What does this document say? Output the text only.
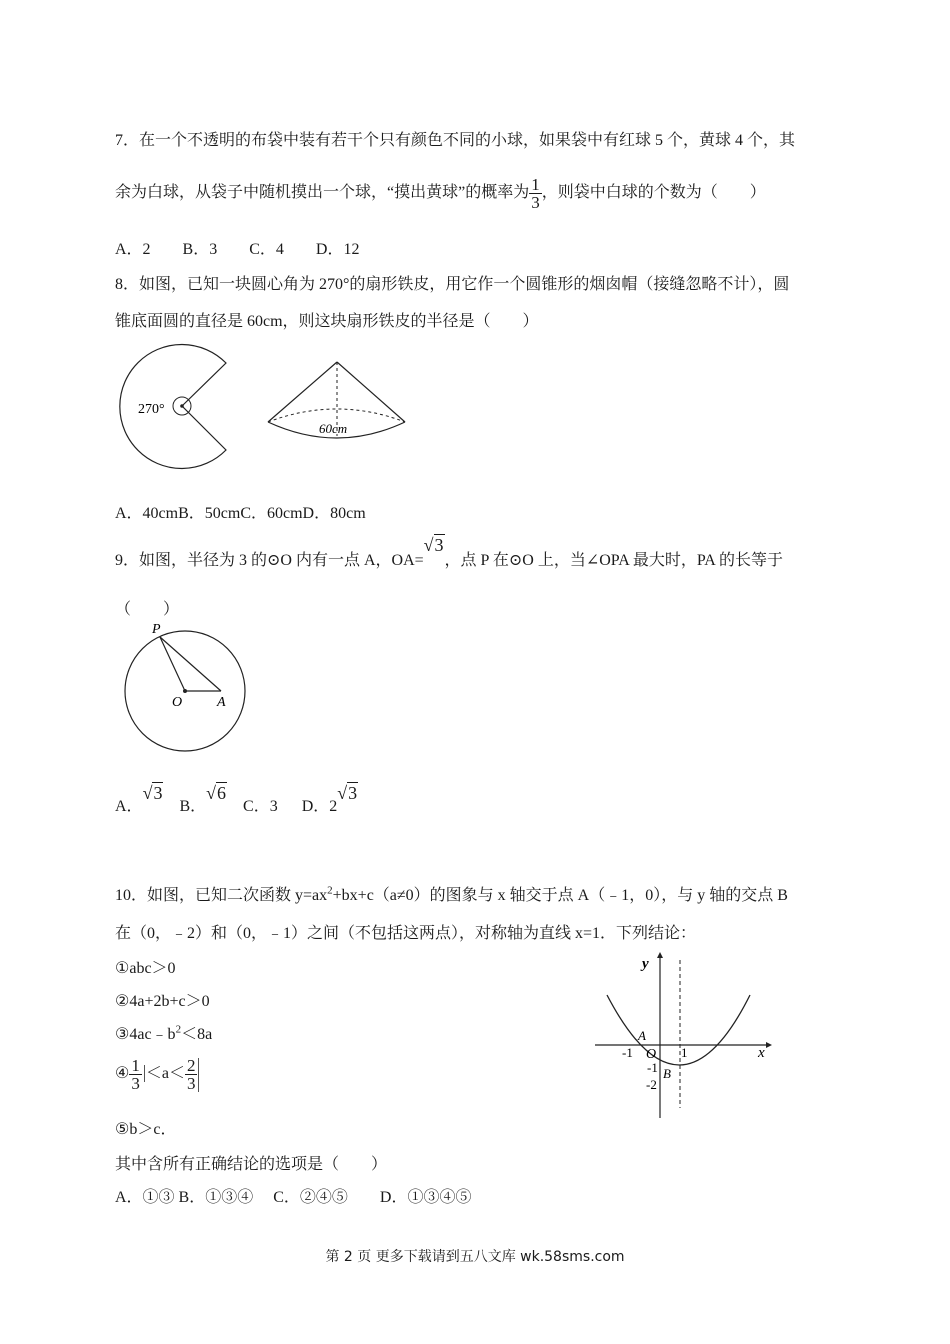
7．在一个不透明的布袋中装有若干个只有颜色不同的小球，如果袋中有红球 5 个，黄球 4 个，其
余为白球，从袋子中随机摸出一个球，“摸出黄球”的概率为 $\frac{1}{3}$ ，则袋中白球的个数为（　　）
A．2　　B．3　　C．4　　D．12
8．如图，已知一块圆心角为 270°的扇形铁皮，用它作一个圆锥形的烟囱帽（接缝忽略不计），圆
锥底面圆的直径是 60cm，则这块扇形铁皮的半径是（　　）
270°
60cm
A．40cmB．50cmC．60cmD．80cm
9．如图，半径为 3 的⊙O 内有一点 A，OA=√3，点 P 在⊙O 上，当∠OPA 最大时，PA 的长等于
（　　）
P
O A
A．√3B．√6C．3 D．2√3
10．如图，已知二次函数 $y=ax^2+bx+c(a\ne 0)$的图象与 x 轴交于点 A（﹣1，0），与 y 轴的交点 B
在（0，﹣2）和（0，﹣1）之间（不包括这两点），对称轴为直线 x=1．下列结论：
①abc＞0
②4a+2b+c＞0
$③4ac﹣b^2<8a$
④ $\frac{1}{3} <a< \frac{2}{3}$
⑤b＞c．
其中含所有正确结论的选项是（　　）
A．①③ B．①③④　 C．②④⑤　　D．①③④⑤
y
x
A
O
B
-1	1
-1
-2
第 2 页 更多下载请到五八文库 wk.58sms.com
